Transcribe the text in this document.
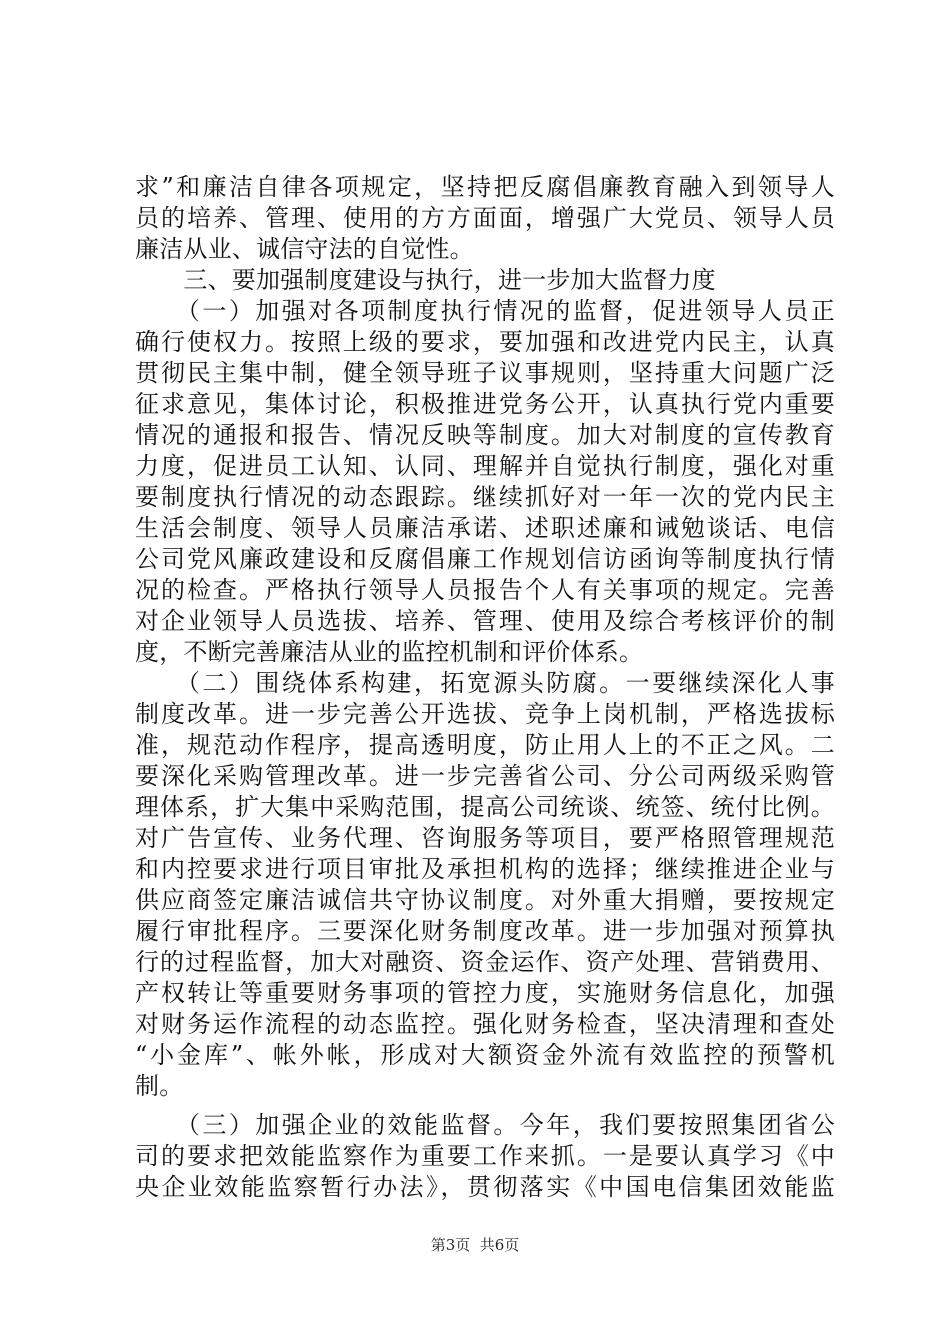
求”和廉洁自律各项规定，坚持把反腐倡廉教育融入到领导人
员的培养、管理、使用的方方面面，增强广大党员、领导人员
廉洁从业、诚信守法的自觉性。
　　三、要加强制度建设与执行，进一步加大监督力度
　　（一）加强对各项制度执行情况的监督，促进领导人员正
确行使权力。按照上级的要求，要加强和改进党内民主，认真
贯彻民主集中制，健全领导班子议事规则，坚持重大问题广泛
征求意见，集体讨论，积极推进党务公开，认真执行党内重要
情况的通报和报告、情况反映等制度。加大对制度的宣传教育
力度，促进员工认知、认同、理解并自觉执行制度，强化对重
要制度执行情况的动态跟踪。继续抓好对一年一次的党内民主
生活会制度、领导人员廉洁承诺、述职述廉和诫勉谈话、电信
公司党风廉政建设和反腐倡廉工作规划信访函询等制度执行情
况的检查。严格执行领导人员报告个人有关事项的规定。完善
对企业领导人员选拔、培养、管理、使用及综合考核评价的制
度，不断完善廉洁从业的监控机制和评价体系。
　　（二）围绕体系构建，拓宽源头防腐。一要继续深化人事
制度改革。进一步完善公开选拔、竞争上岗机制，严格选拔标
准，规范动作程序，提高透明度，防止用人上的不正之风。二
要深化采购管理改革。进一步完善省公司、分公司两级采购管
理体系，扩大集中采购范围，提高公司统谈、统签、统付比例。
对广告宣传、业务代理、咨询服务等项目，要严格照管理规范
和内控要求进行项目审批及承担机构的选择；继续推进企业与
供应商签定廉洁诚信共守协议制度。对外重大捐赠，要按规定
履行审批程序。三要深化财务制度改革。进一步加强对预算执
行的过程监督，加大对融资、资金运作、资产处理、营销费用、
产权转让等重要财务事项的管控力度，实施财务信息化，加强
对财务运作流程的动态监控。强化财务检查，坚决清理和查处
“小金库”、帐外帐，形成对大额资金外流有效监控的预警机
制。
　　（三）加强企业的效能监督。今年，我们要按照集团省公
司的要求把效能监察作为重要工作来抓。一是要认真学习《中
央企业效能监察暂行办法》，贯彻落实《中国电信集团效能监
第3页  共6页
